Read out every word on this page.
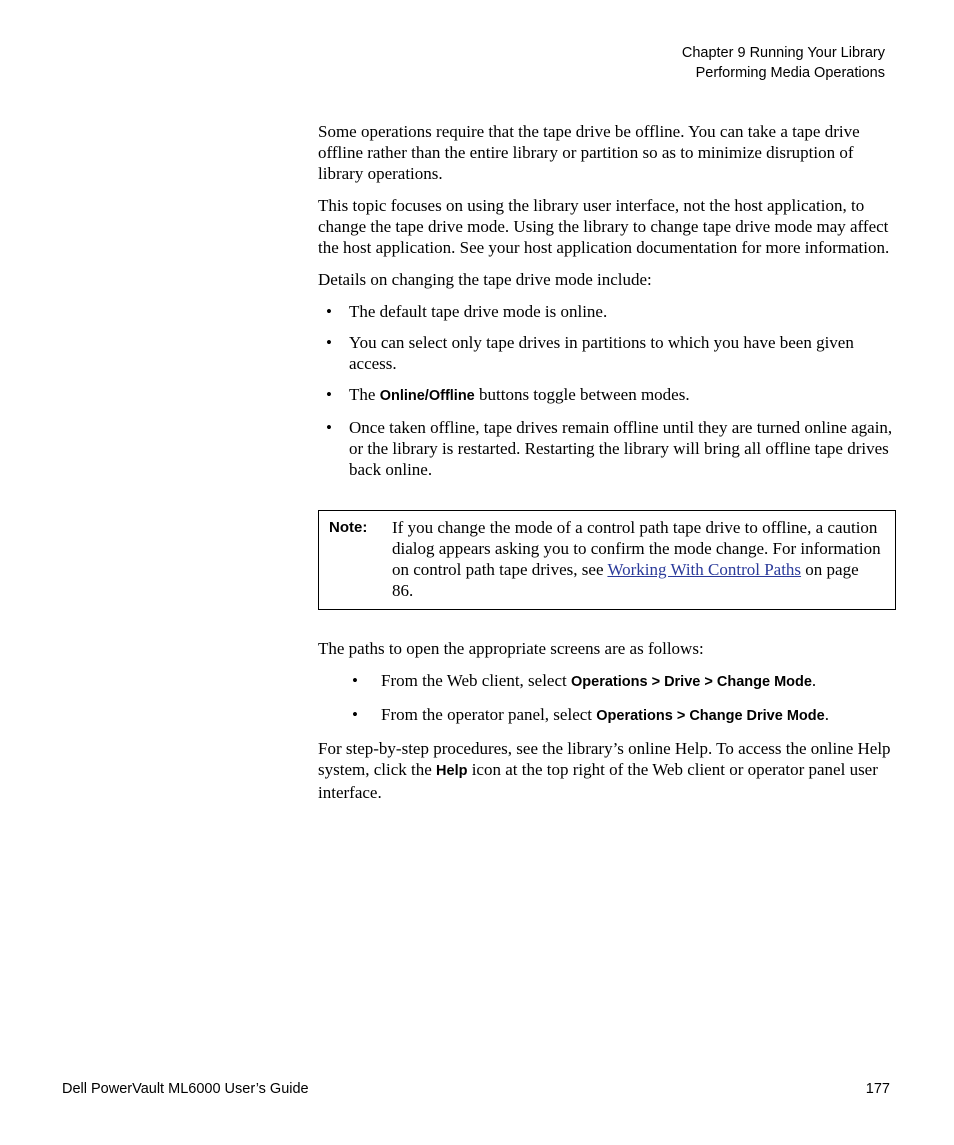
Chapter 9 Running Your Library
Performing Media Operations

Some operations require that the tape drive be offline. You can take a tape drive offline rather than the entire library or partition so as to minimize disruption of library operations.

This topic focuses on using the library user interface, not the host application, to change the tape drive mode. Using the library to change tape drive mode may affect the host application. See your host application documentation for more information.

Details on changing the tape drive mode include:

• The default tape drive mode is online.
• You can select only tape drives in partitions to which you have been given access.
• The Online/Offline buttons toggle between modes.
• Once taken offline, tape drives remain offline until they are turned online again, or the library is restarted. Restarting the library will bring all offline tape drives back online.
Note:	If you change the mode of a control path tape drive to offline, a caution dialog appears asking you to confirm the mode change. For information on control path tape drives, see Working With Control Paths on page 86.

The paths to open the appropriate screens are as follows:

• From the Web client, select Operations > Drive > Change Mode.
• From the operator panel, select Operations > Change Drive Mode.

For step-by-step procedures, see the library’s online Help. To access the online Help system, click the Help icon at the top right of the Web client or operator panel user interface.

Dell PowerVault ML6000 User’s Guide	177
